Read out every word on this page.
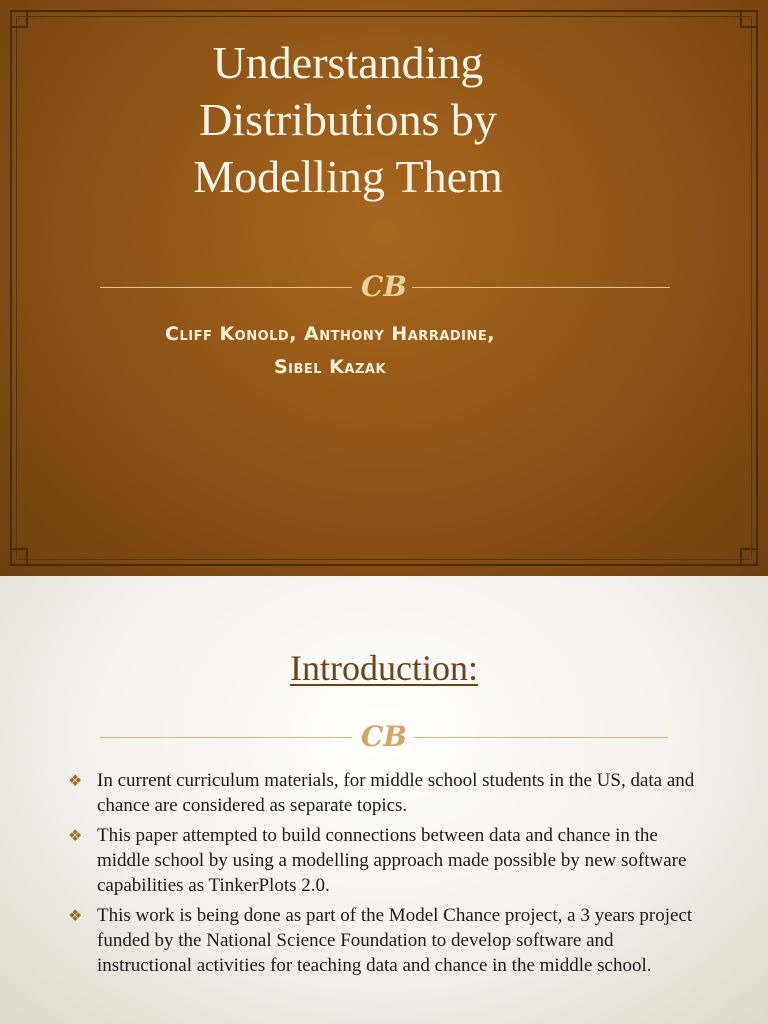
Understanding
Distributions by
Modelling Them
CB
Cliff Konold, Anthony Harradine,
Sibel Kazak
Introduction:
CB
❖ In current curriculum materials, for middle school students in the US, data and chance are considered as separate topics.
❖ This paper attempted to build connections between data and chance in the middle school by using a modelling approach made possible by new software capabilities as TinkerPlots 2.0.
❖ This work is being done as part of the Model Chance project, a 3 years project funded by the National Science Foundation to develop software and instructional activities for teaching data and chance in the middle school.
